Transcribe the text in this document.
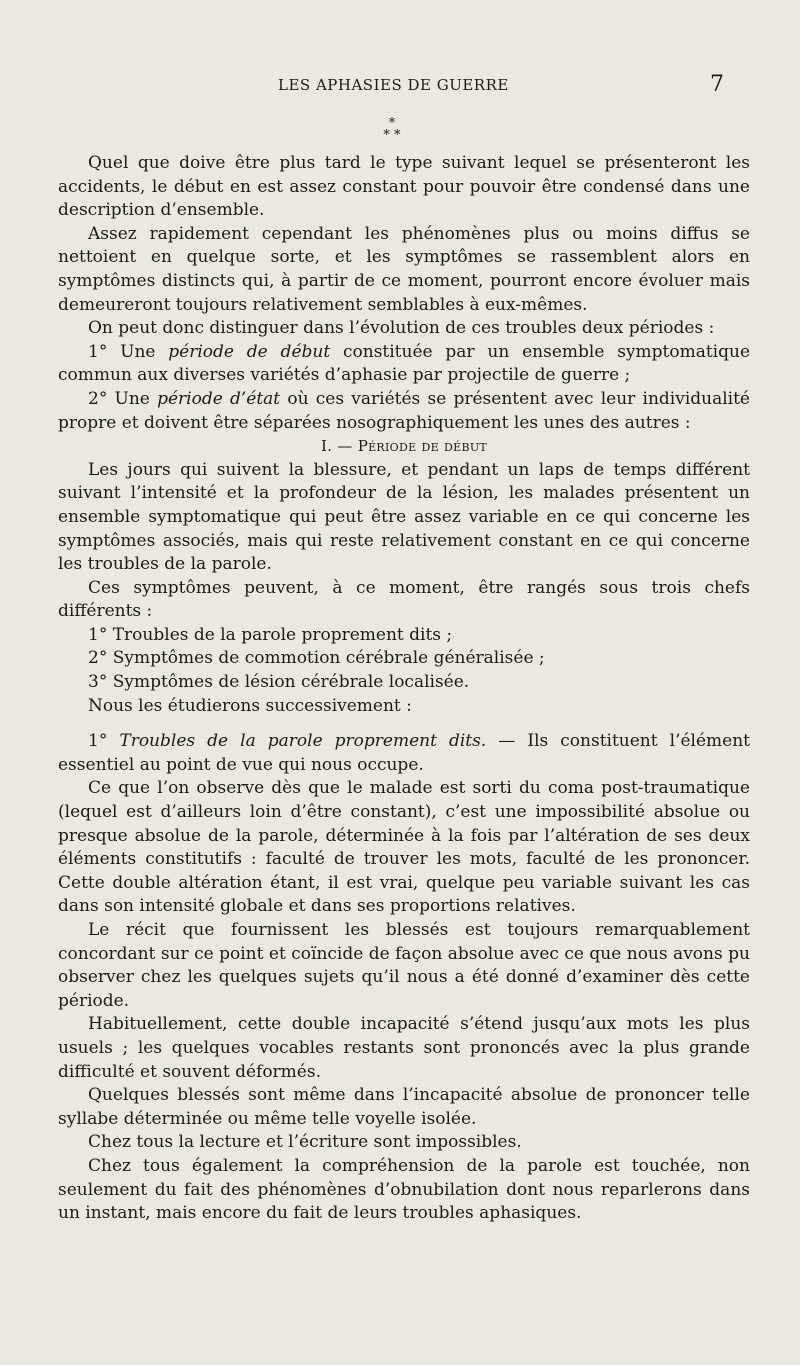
LES APHASIES DE GUERRE	7
*
* *

Quel que doive être plus tard le type suivant lequel se présenteront les accidents, le début en est assez constant pour pouvoir être condensé dans une description d’ensemble.

Assez rapidement cependant les phénomènes plus ou moins diffus se nettoient en quelque sorte, et les symptômes se rassemblent alors en symptômes distincts qui, à partir de ce moment, pourront encore évoluer mais demeureront toujours relativement semblables à eux-mêmes.

On peut donc distinguer dans l’évolution de ces troubles deux périodes :

1° Une période de début constituée par un ensemble symptomatique commun aux diverses variétés d’aphasie par projectile de guerre ;

2° Une période d’état où ces variétés se présentent avec leur individualité propre et doivent être séparées nosographiquement les unes des autres :

I. — Période de début

Les jours qui suivent la blessure, et pendant un laps de temps différent suivant l’intensité et la profondeur de la lésion, les malades présentent un ensemble symptomatique qui peut être assez variable en ce qui concerne les symptômes associés, mais qui reste relativement constant en ce qui concerne les troubles de la parole.

Ces symptômes peuvent, à ce moment, être rangés sous trois chefs différents :

1° Troubles de la parole proprement dits ;

2° Symptômes de commotion cérébrale généralisée ;

3° Symptômes de lésion cérébrale localisée.

Nous les étudierons successivement :

1° Troubles de la parole proprement dits. — Ils constituent l’élément essentiel au point de vue qui nous occupe.

Ce que l’on observe dès que le malade est sorti du coma post-traumatique (lequel est d’ailleurs loin d’être constant), c’est une impossibilité absolue ou presque absolue de la parole, déterminée à la fois par l’altération de ses deux éléments constitutifs : faculté de trouver les mots, faculté de les prononcer. Cette double altération étant, il est vrai, quelque peu variable suivant les cas dans son intensité globale et dans ses proportions relatives.

Le récit que fournissent les blessés est toujours remarquablement concordant sur ce point et coïncide de façon absolue avec ce que nous avons pu observer chez les quelques sujets qu’il nous a été donné d’examiner dès cette période.

Habituellement, cette double incapacité s’étend jusqu’aux mots les plus usuels ; les quelques vocables restants sont prononcés avec la plus grande difficulté et souvent déformés.

Quelques blessés sont même dans l’incapacité absolue de prononcer telle syllabe déterminée ou même telle voyelle isolée.

Chez tous la lecture et l’écriture sont impossibles.

Chez tous également la compréhension de la parole est touchée, non seulement du fait des phénomènes d’obnubilation dont nous reparlerons dans un instant, mais encore du fait de leurs troubles aphasiques.
